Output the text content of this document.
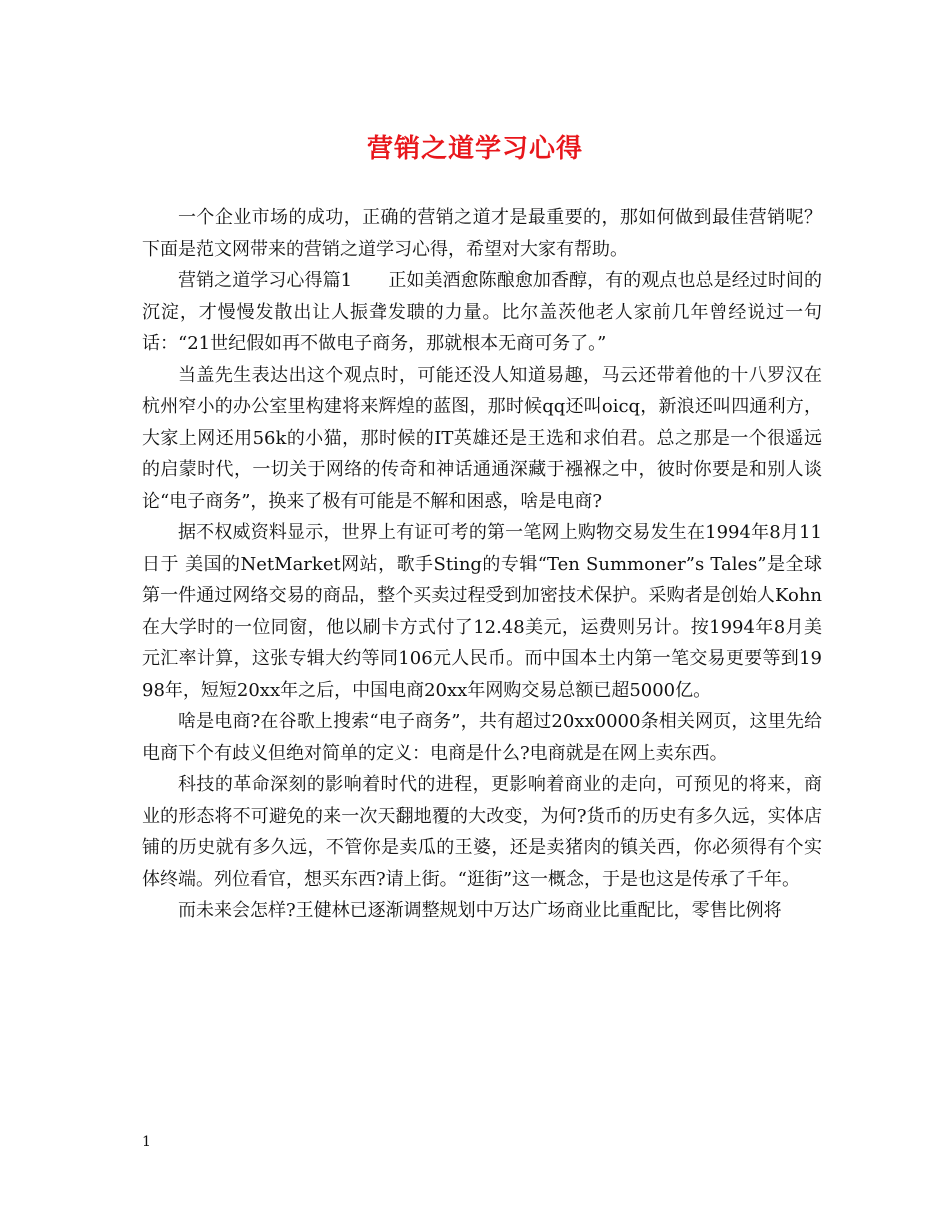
营销之道学习心得

一个企业市场的成功，正确的营销之道才是最重要的，那如何做到最佳营销呢？下面是范文网带来的营销之道学习心得，希望对大家有帮助。

营销之道学习心得篇1　　正如美酒愈陈酿愈加香醇，有的观点也总是经过时间的沉淀，才慢慢发散出让人振聋发聩的力量。比尔盖茨他老人家前几年曾经说过一句话：“21世纪假如再不做电子商务，那就根本无商可务了。”

当盖先生表达出这个观点时，可能还没人知道易趣，马云还带着他的十八罗汉在杭州窄小的办公室里构建将来辉煌的蓝图，那时候qq还叫oicq，新浪还叫四通利方，大家上网还用56k的小猫，那时候的IT英雄还是王选和求伯君。总之那是一个很遥远的启蒙时代，一切关于网络的传奇和神话通通深藏于襁褓之中，彼时你要是和别人谈论“电子商务”，换来了极有可能是不解和困惑，啥是电商?

据不权威资料显示，世界上有证可考的第一笔网上购物交易发生在1994年8月11日于 美国的NetMarket网站，歌手Sting的专辑“Ten Summoner”s Tales”是全球第一件通过网络交易的商品，整个买卖过程受到加密技术保护。采购者是创始人Kohn在大学时的一位同窗，他以刷卡方式付了12.48美元，运费则另计。按1994年8月美元汇率计算，这张专辑大约等同106元人民币。而中国本土内第一笔交易更要等到1998年，短短20xx年之后，中国电商20xx年网购交易总额已超5000亿。

啥是电商?在谷歌上搜索“电子商务”，共有超过20xx0000条相关网页，这里先给电商下个有歧义但绝对简单的定义：电商是什么?电商就是在网上卖东西。

科技的革命深刻的影响着时代的进程，更影响着商业的走向，可预见的将来，商业的形态将不可避免的来一次天翻地覆的大改变，为何?货币的历史有多久远，实体店铺的历史就有多久远，不管你是卖瓜的王婆，还是卖猪肉的镇关西，你必须得有个实体终端。列位看官，想买东西?请上街。“逛街”这一概念，于是也这是传承了千年。

而未来会怎样?王健林已逐渐调整规划中万达广场商业比重配比，零售比例将

1
